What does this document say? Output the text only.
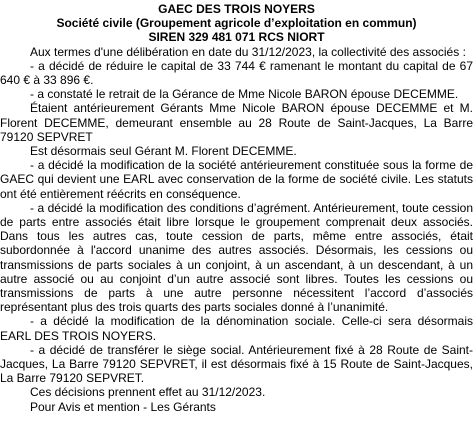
GAEC DES TROIS NOYERS
Société civile (Groupement agricole d’exploitation en commun)
SIREN 329 481 071 RCS NIORT
Aux termes d'une délibération en date du 31/12/2023, la collectivité des associés :
- a décidé de réduire le capital de 33 744 € ramenant le montant du capital de 67 640 € à 33 896 €.
- a constaté le retrait de la Gérance de Mme Nicole BARON épouse DECEMME.
Étaient antérieurement Gérants Mme Nicole BARON épouse DECEMME et M. Florent DECEMME, demeurant ensemble au 28 Route de Saint-Jacques, La Barre 79120 SEPVRET
Est désormais seul Gérant M. Florent DECEMME.
- a décidé la modification de la société antérieurement constituée sous la forme de GAEC qui devient une EARL avec conservation de la forme de société civile. Les statuts ont été entièrement réécrits en conséquence.
- a décidé la modification des conditions d’agrément. Antérieurement, toute cession de parts entre associés était libre lorsque le groupement comprenait deux associés. Dans tous les autres cas, toute cession de parts, même entre associés, était subordonnée à l'accord unanime des autres associés. Désormais, les cessions ou transmissions de parts sociales à un conjoint, à un ascendant, à un descendant, à un autre associé ou au conjoint d’un autre associé sont libres. Toutes les cessions ou transmissions de parts à une autre personne nécessitent l’accord d’associés représentant plus des trois quarts des parts sociales donné à l’unanimité.
- a décidé la modification de la dénomination sociale. Celle-ci sera désormais EARL DES TROIS NOYERS.
- a décidé de transférer le siège social. Antérieurement fixé à 28 Route de Saint-Jacques, La Barre 79120 SEPVRET, il est désormais fixé à 15 Route de Saint-Jacques, La Barre 79120 SEPVRET.
Ces décisions prennent effet au 31/12/2023.
Pour Avis et mention - Les Gérants
